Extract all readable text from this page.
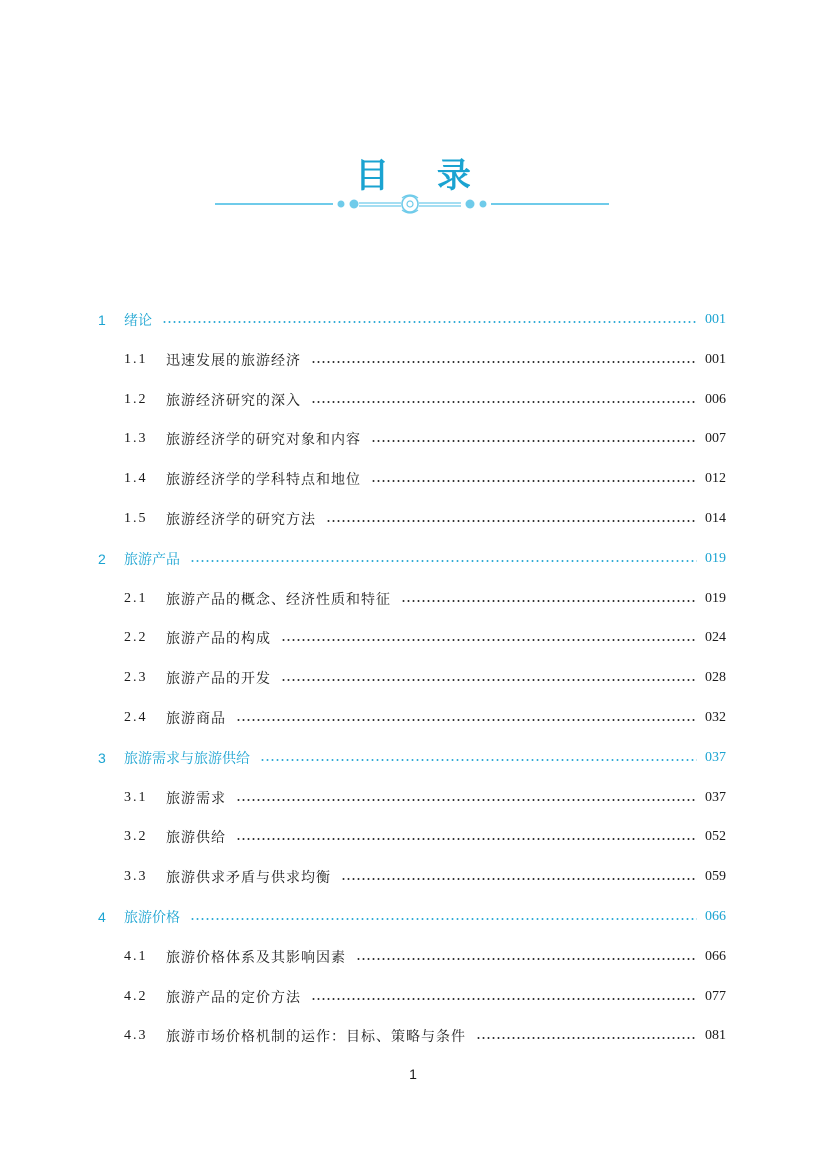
目 录
1	绪论	001
1.1	迅速发展的旅游经济	001
1.2	旅游经济研究的深入	006
1.3	旅游经济学的研究对象和内容	007
1.4	旅游经济学的学科特点和地位	012
1.5	旅游经济学的研究方法	014
2	旅游产品	019
2.1	旅游产品的概念、经济性质和特征	019
2.2	旅游产品的构成	024
2.3	旅游产品的开发	028
2.4	旅游商品	032
3	旅游需求与旅游供给	037
3.1	旅游需求	037
3.2	旅游供给	052
3.3	旅游供求矛盾与供求均衡	059
4	旅游价格	066
4.1	旅游价格体系及其影响因素	066
4.2	旅游产品的定价方法	077
4.3	旅游市场价格机制的运作：目标、策略与条件	081
1
